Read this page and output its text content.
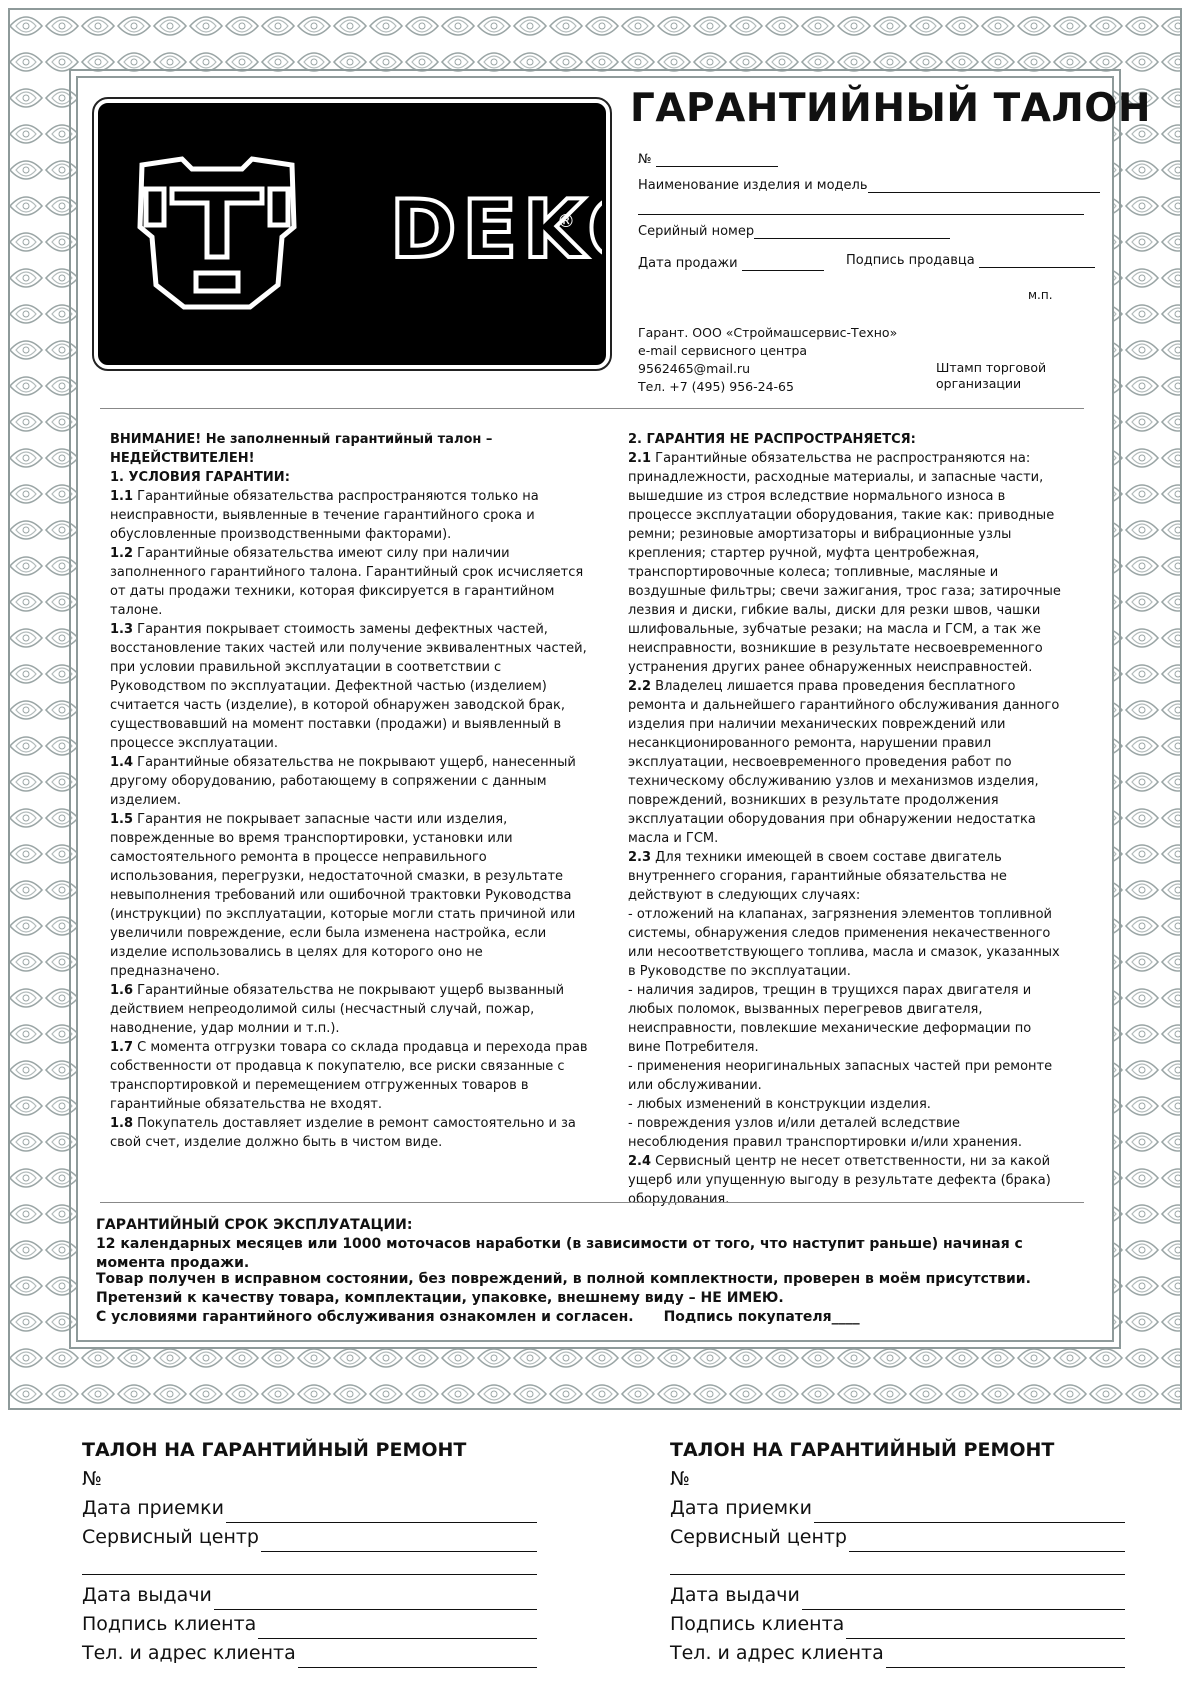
DEK
®
ГАРАНТИЙНЫЙ ТАЛОН
№
Наименование изделия и модель
Серийный номер
Дата продажи	Подпись продавца
м.п.
Гарант. ООО «Строймашсервис-Техно»
e-mail сервисного центра
9562465@mail.ru
Тел. +7 (495) 956-24-65
Штамп торговой
организации

ВНИМАНИЕ! Не заполненный гарантийный талон – НЕДЕЙСТВИТЕЛЕН!

1. УСЛОВИЯ ГАРАНТИИ:

1.1 Гарантийные обязательства распространяются только на неисправности, выявленные в течение гарантийного срока и обусловленные производственными факторами).

1.2 Гарантийные обязательства имеют силу при наличии заполненного гарантийного талона. Гарантийный срок исчисляется от даты продажи техники, которая фиксируется в гарантийном талоне.

1.3 Гарантия покрывает стоимость замены дефектных частей, восстановление таких частей или получение эквивалентных частей, при условии правильной эксплуатации в соответствии с Руководством по эксплуатации. Дефектной частью (изделием) считается часть (изделие), в которой обнаружен заводской брак, существовавший на момент поставки (продажи) и выявленный в процессе эксплуатации.

1.4 Гарантийные обязательства не покрывают ущерб, нанесенный другому оборудованию, работающему в сопряжении с данным изделием.

1.5 Гарантия не покрывает запасные части или изделия, поврежденные во время транспортировки, установки или самостоятельного ремонта в процессе неправильного использования, перегрузки, недостаточной смазки, в результате невыполнения требований или ошибочной трактовки Руководства (инструкции) по эксплуатации, которые могли стать причиной или увеличили повреждение, если была изменена настройка, если изделие использовались в целях для которого оно не предназначено.

1.6 Гарантийные обязательства не покрывают ущерб вызванный действием непреодолимой силы (несчастный случай, пожар, наводнение, удар молнии и т.п.).

1.7 С момента отгрузки товара со склада продавца и перехода прав собственности от продавца к покупателю, все риски связанные с транспортировкой и перемещением отгруженных товаров в гарантийные обязательства не входят.

1.8 Покупатель доставляет изделие в ремонт самостоятельно и за свой счет, изделие должно быть в чистом виде.

2. ГАРАНТИЯ НЕ РАСПРОСТРАНЯЕТСЯ:

2.1 Гарантийные обязательства не распространяются на: принадлежности, расходные материалы, и запасные части, вышедшие из строя вследствие нормального износа в процессе эксплуатации оборудования, такие как: приводные ремни; резиновые амортизаторы и вибрационные узлы крепления; стартер ручной, муфта центробежная, транспортировочные колеса; топливные, масляные и воздушные фильтры; свечи зажигания, трос газа; затирочные лезвия и диски, гибкие валы, диски для резки швов, чашки шлифовальные, зубчатые резаки; на масла и ГСМ, а так же неисправности, возникшие в результате несвоевременного устранения других ранее обнаруженных неисправностей.

2.2 Владелец лишается права проведения бесплатного ремонта и дальнейшего гарантийного обслуживания данного изделия при наличии механических повреждений или несанкционированного ремонта, нарушении правил эксплуатации, несвоевременного проведения работ по техническому обслуживанию узлов и механизмов изделия, повреждений, возникших в результате продолжения эксплуатации оборудования при обнаружении недостатка масла и ГСМ.

2.3 Для техники имеющей в своем составе двигатель внутреннего сгорания, гарантийные обязательства не действуют в следующих случаях:

- отложений на клапанах, загрязнения элементов топливной системы, обнаружения следов применения некачественного или несоответствующего топлива, масла и смазок, указанных в Руководстве по эксплуатации.

- наличия задиров, трещин в трущихся парах двигателя и любых поломок, вызванных перегревов двигателя, неисправности, повлекшие механические деформации по вине Потребителя.

- применения неоригинальных запасных частей при ремонте или обслуживании.

- любых изменений в конструкции изделия.

- повреждения узлов и/или деталей вследствие несоблюдения правил транспортировки и/или хранения.

2.4 Сервисный центр не несет ответственности, ни за какой ущерб или упущенную выгоду в результате дефекта (брака) оборудования.

ГАРАНТИЙНЫЙ СРОК ЭКСПЛУАТАЦИИ:
12 календарных месяцев или 1000 моточасов наработки (в зависимости от того, что наступит раньше) начиная с момента продажи.
Товар получен в исправном состоянии, без повреждений, в полной комплектности, проверен в моём присутствии.
Претензий к качеству товара, комплектации, упаковке, внешнему виду – НЕ ИМЕЮ.
С условиями гарантийного обслуживания ознакомлен и согласен. Подпись покупателя____
ТАЛОН НА ГАРАНТИЙНЫЙ РЕМОНТ
№
Дата приемки
Сервисный центр
Дата выдачи
Подпись клиента
Тел. и адрес клиента
ТАЛОН НА ГАРАНТИЙНЫЙ РЕМОНТ
№
Дата приемки
Сервисный центр
Дата выдачи
Подпись клиента
Тел. и адрес клиента
